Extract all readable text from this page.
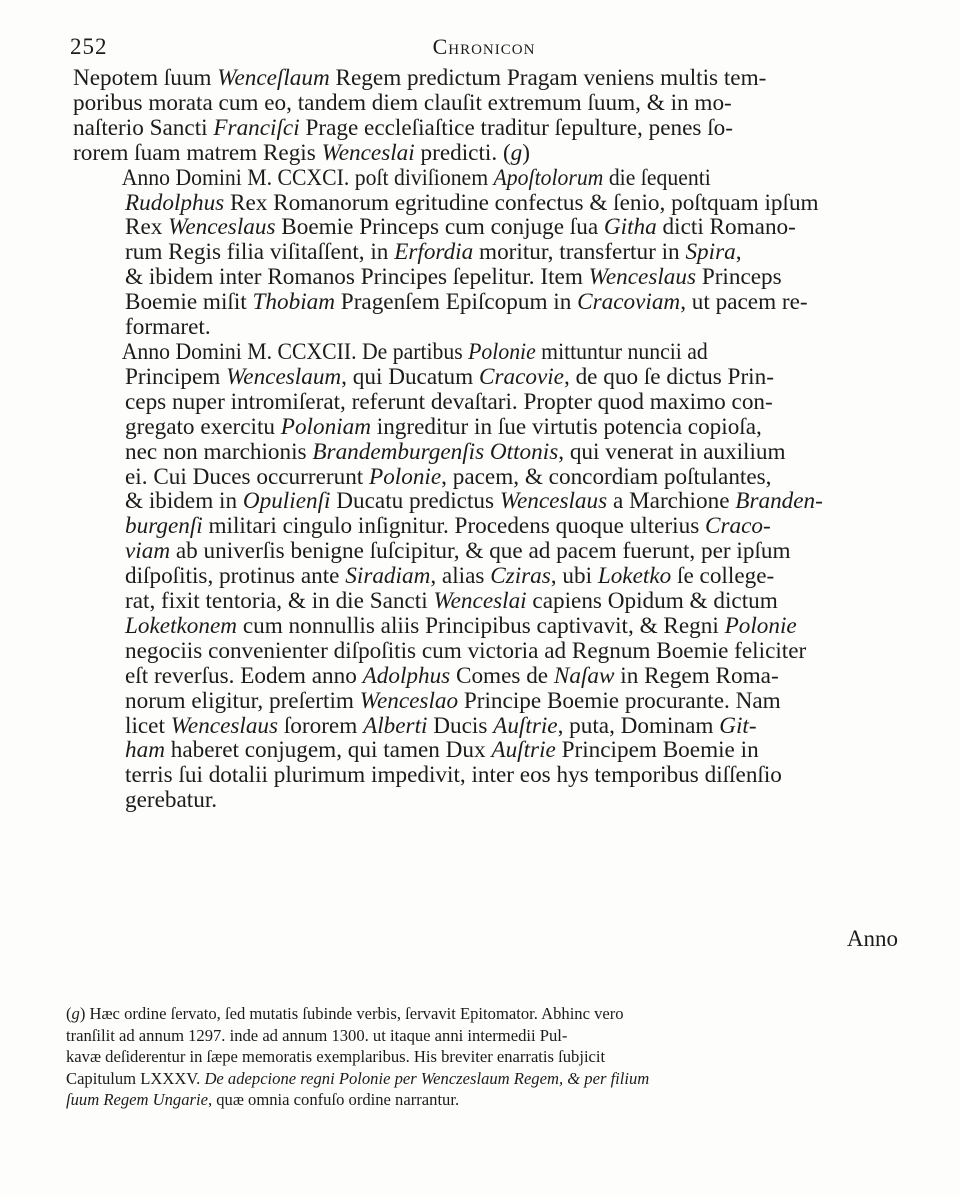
252	Chronicon

Nepotem ſuum Wenceſlaum Regem predictum Pragam veniens multis tem-
poribus morata cum eo, tandem diem clauſit extremum ſuum, & in mo-
naſterio Sancti Franciſci Prage eccleſiaſtice traditur ſepulture, penes ſo-
rorem ſuam matrem Regis Wenceslai predicti. (g)

Anno Domini M. CCXCI. poſt diviſionem Apoſtolorum die ſequenti
Rudolphus Rex Romanorum egritudine confectus & ſenio, poſtquam ipſum
Rex Wenceslaus Boemie Princeps cum conjuge ſua Githa dicti Romano-
rum Regis filia viſitaſſent, in Erfordia moritur, transfertur in Spira,
& ibidem inter Romanos Principes ſepelitur. Item Wenceslaus Princeps
Boemie miſit Thobiam Pragenſem Epiſcopum in Cracoviam, ut pacem re-
formaret.

Anno Domini M. CCXCII. De partibus Polonie mittuntur nuncii ad
Principem Wenceslaum, qui Ducatum Cracovie, de quo ſe dictus Prin-
ceps nuper intromiſerat, referunt devaſtari. Propter quod maximo con-
gregato exercitu Poloniam ingreditur in ſue virtutis potencia copioſa,
nec non marchionis Brandemburgenſis Ottonis, qui venerat in auxilium
ei. Cui Duces occurrerunt Polonie, pacem, & concordiam poſtulantes,
& ibidem in Opulienſi Ducatu predictus Wenceslaus a Marchione Branden-
burgenſi militari cingulo inſignitur. Procedens quoque ulterius Craco-
viam ab univerſis benigne ſuſcipitur, & que ad pacem fuerunt, per ipſum
diſpoſitis, protinus ante Siradiam, alias Cziras, ubi Loketko ſe college-
rat, fixit tentoria, & in die Sancti Wenceslai capiens Opidum & dictum
Loketkonem cum nonnullis aliis Principibus captivavit, & Regni Polonie
negociis convenienter diſpoſitis cum victoria ad Regnum Boemie feliciter
eſt reverſus. Eodem anno Adolphus Comes de Naſaw in Regem Roma-
norum eligitur, preſertim Wenceslao Principe Boemie procurante. Nam
licet Wenceslaus ſororem Alberti Ducis Auſtrie, puta, Dominam Git-
ham haberet conjugem, qui tamen Dux Auſtrie Principem Boemie in
terris ſui dotalii plurimum impedivit, inter eos hys temporibus diſſenſio
gerebatur.

Anno
(g) Hæc ordine ſervato, ſed mutatis ſubinde verbis, ſervavit Epitomator. Abhinc vero
tranſilit ad annum 1297. inde ad annum 1300. ut itaque anni intermedii Pul-
kavæ deſiderentur in ſæpe memoratis exemplaribus. His breviter enarratis ſubjicit
Capitulum LXXXV. De adepcione regni Polonie per Wenczeslaum Regem, & per filium
ſuum Regem Ungarie, quæ omnia confuſo ordine narrantur.
